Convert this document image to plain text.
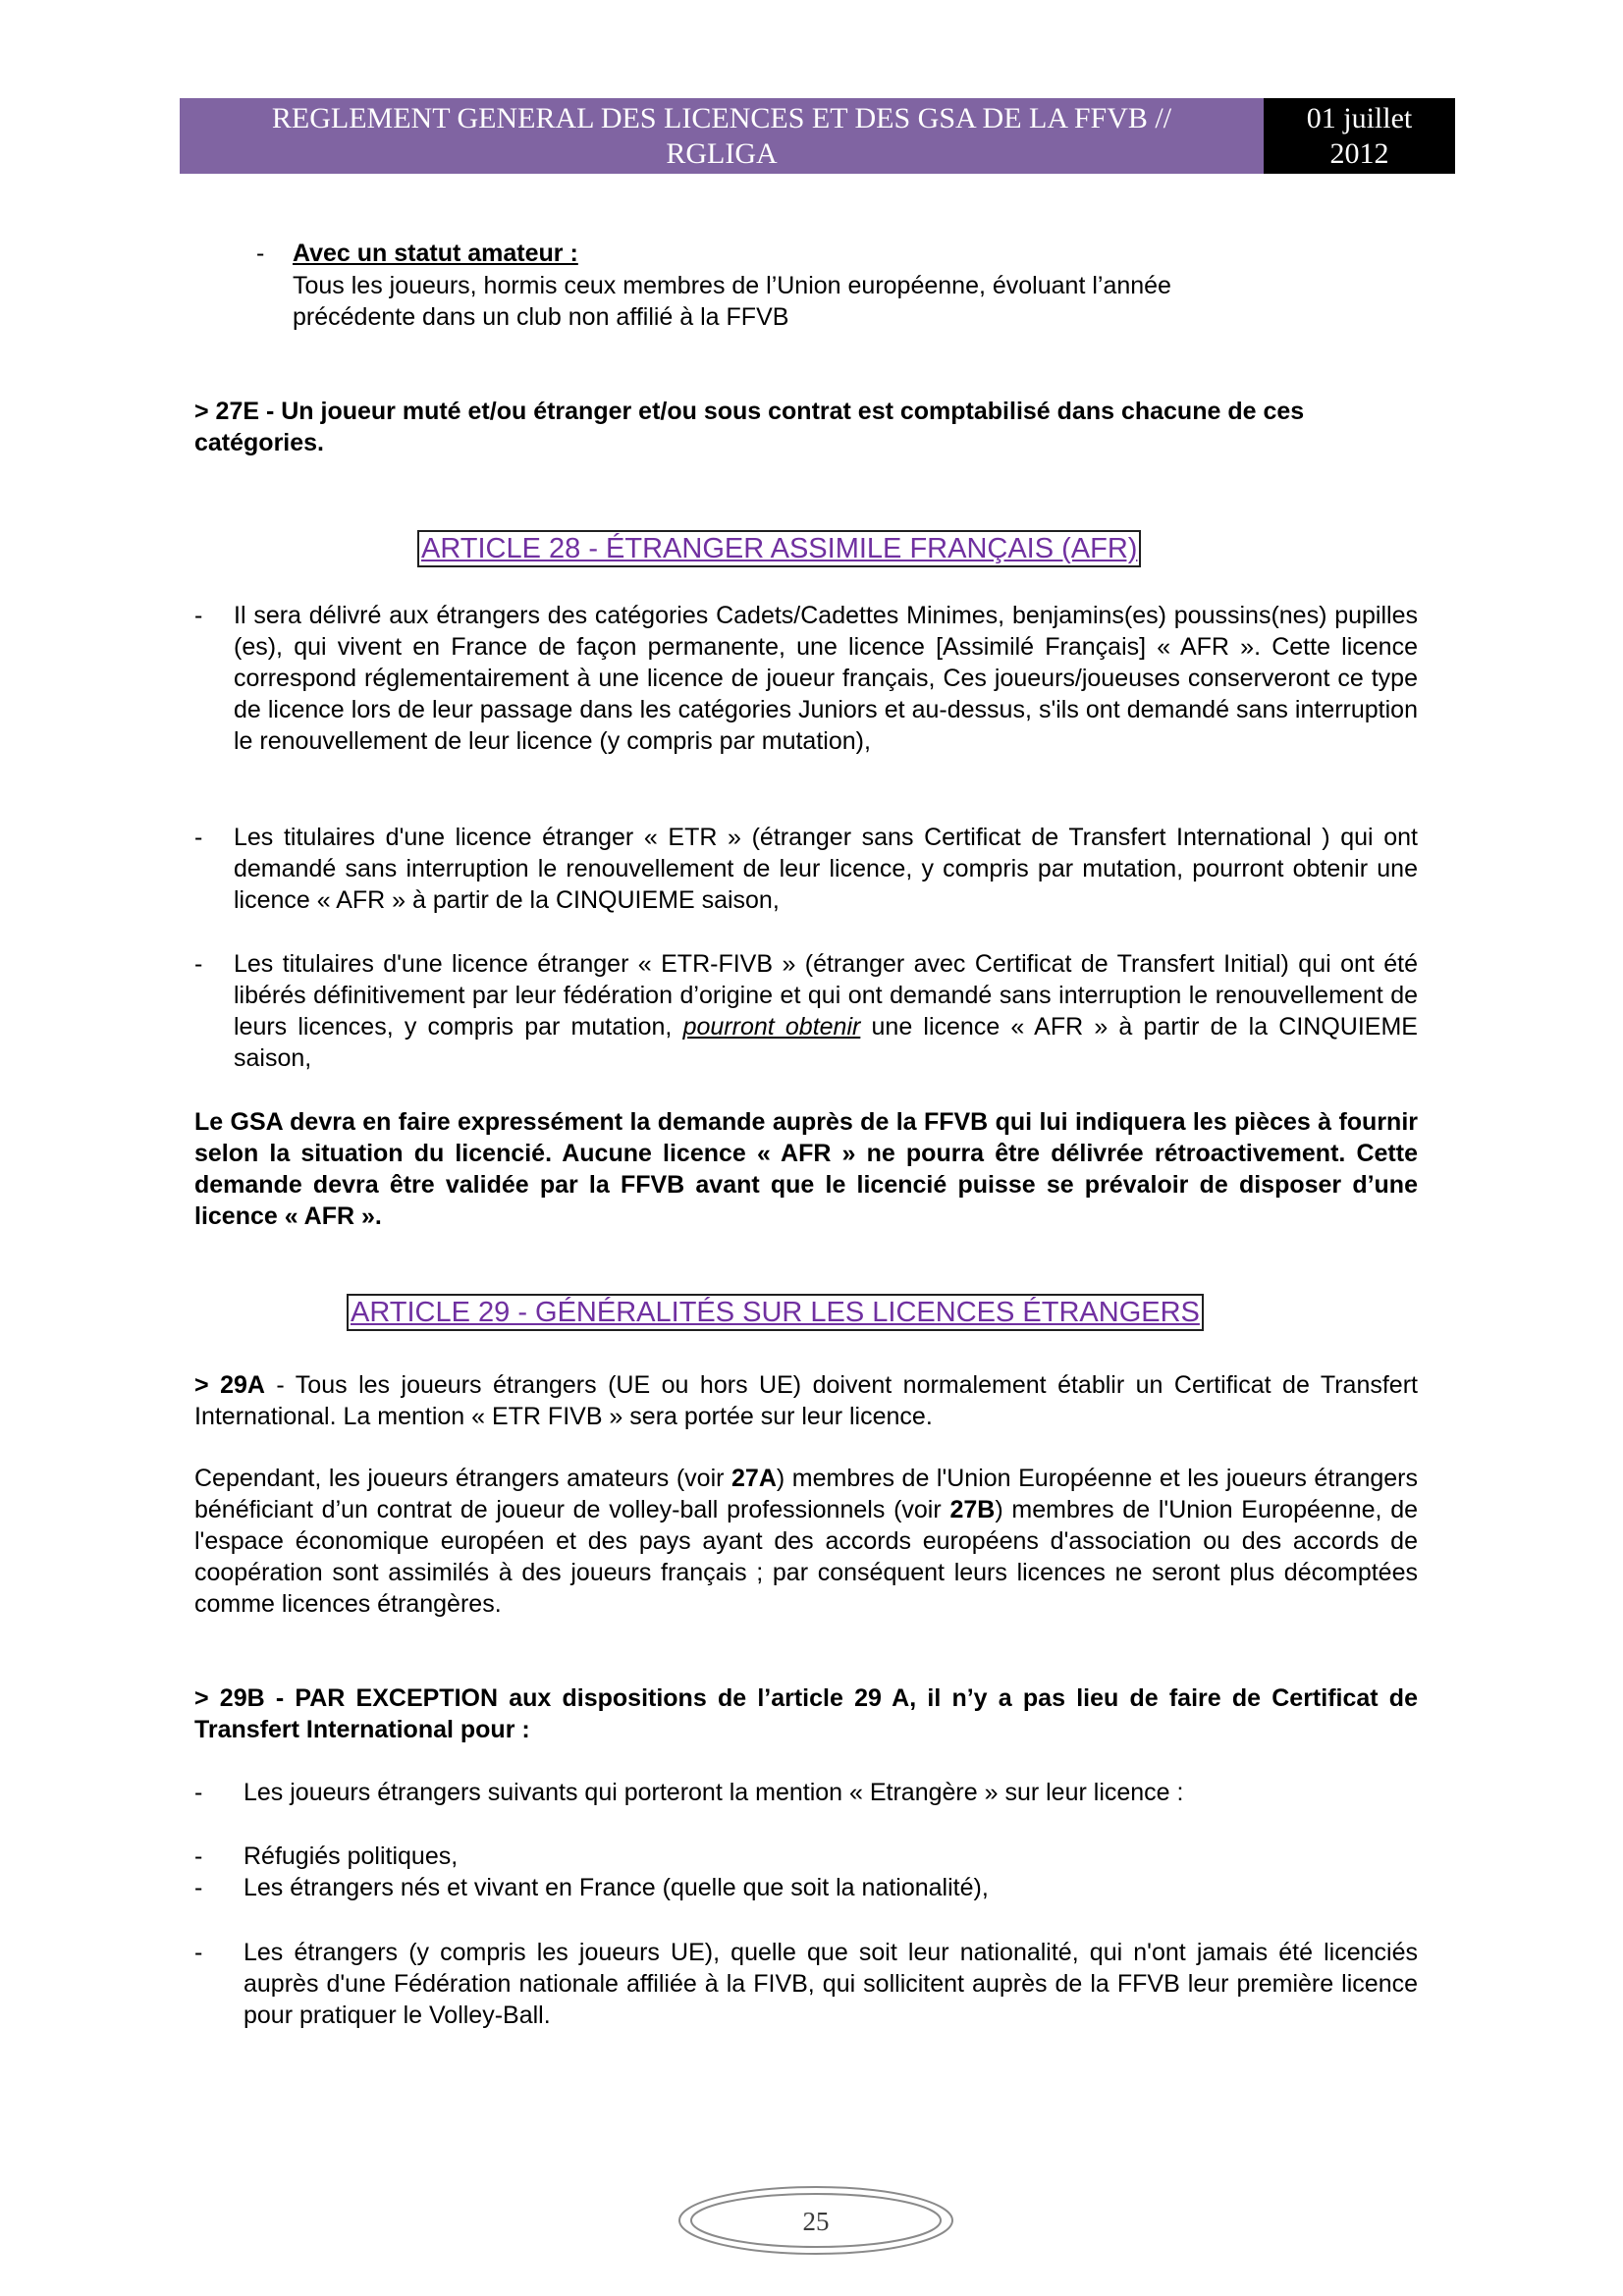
REGLEMENT GENERAL DES LICENCES ET DES GSA DE LA FFVB //
RGLIGA
01 juillet
2012
- Avec un statut amateur :
Tous les joueurs, hormis ceux membres de l’Union européenne, évoluant l’année précédente dans un club non affilié à la FFVB
> 27E - Un joueur muté et/ou étranger et/ou sous contrat est comptabilisé dans chacune de ces catégories.
ARTICLE 28 - ÉTRANGER ASSIMILE FRANÇAIS (AFR)
- Il sera délivré aux étrangers des catégories Cadets/Cadettes Minimes, benjamins(es) poussins(nes) pupilles (es), qui vivent en France de façon permanente, une licence [Assimilé Français] « AFR ». Cette licence correspond réglementairement à une licence de joueur français, Ces joueurs/joueuses conserveront ce type de licence lors de leur passage dans les catégories Juniors et au-dessus, s'ils ont demandé sans interruption le renouvellement de leur licence (y compris par mutation),
- Les titulaires d'une licence étranger « ETR » (étranger sans Certificat de Transfert International ) qui ont demandé sans interruption le renouvellement de leur licence, y compris par mutation, pourront obtenir une licence « AFR » à partir de la CINQUIEME saison,
- Les titulaires d'une licence étranger « ETR-FIVB » (étranger avec Certificat de Transfert Initial) qui ont été libérés définitivement par leur fédération d’origine et qui ont demandé sans interruption le renouvellement de leurs licences, y compris par mutation, pourront obtenir une licence « AFR » à partir de la CINQUIEME saison,
Le GSA devra en faire expressément la demande auprès de la FFVB qui lui indiquera les pièces à fournir selon la situation du licencié. Aucune licence « AFR » ne pourra être délivrée rétroactivement. Cette demande devra être validée par la FFVB avant que le licencié puisse se prévaloir de disposer d’une licence « AFR ».
ARTICLE 29 - GÉNÉRALITÉS SUR LES LICENCES ÉTRANGERS
> 29A - Tous les joueurs étrangers (UE ou hors UE) doivent normalement établir un Certificat de Transfert International. La mention « ETR FIVB » sera portée sur leur licence.
Cependant, les joueurs étrangers amateurs (voir 27A) membres de l'Union Européenne et les joueurs étrangers bénéficiant d’un contrat de joueur de volley-ball professionnels (voir 27B) membres de l'Union Européenne, de l'espace économique européen et des pays ayant des accords européens d'association ou des accords de coopération sont assimilés à des joueurs français ; par conséquent leurs licences ne seront plus décomptées comme licences étrangères.
> 29B - PAR EXCEPTION aux dispositions de l’article 29 A, il n’y a pas lieu de faire de Certificat de Transfert International pour :
- Les joueurs étrangers suivants qui porteront la mention « Etrangère » sur leur licence :
- Réfugiés politiques,
- Les étrangers nés et vivant en France (quelle que soit la nationalité),
- Les étrangers (y compris les joueurs UE), quelle que soit leur nationalité, qui n'ont jamais été licenciés auprès d'une Fédération nationale affiliée à la FIVB, qui sollicitent auprès de la FFVB leur première licence pour pratiquer le Volley-Ball.
25
